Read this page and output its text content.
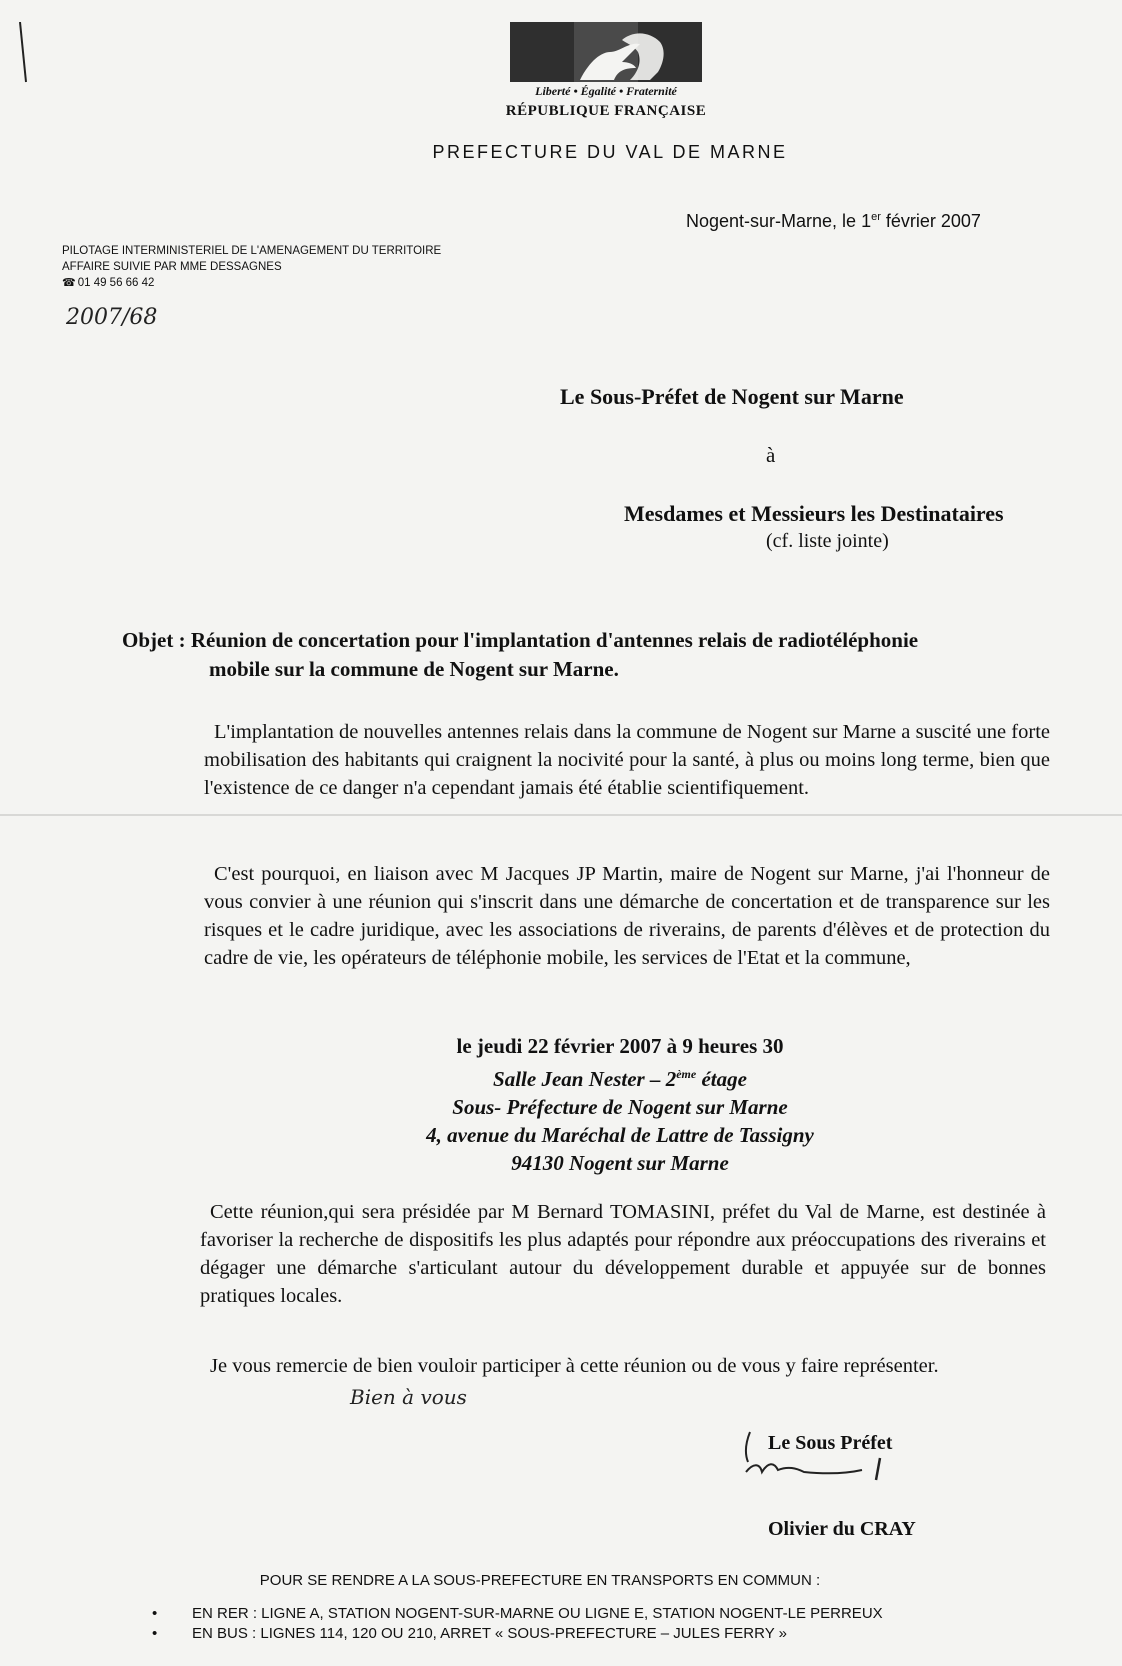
Liberté • Égalité • Fraternité
RÉPUBLIQUE FRANÇAISE
PREFECTURE DU VAL DE MARNE
Nogent-sur-Marne, le 1er février 2007
PILOTAGE INTERMINISTERIEL DE L'AMENAGEMENT DU TERRITOIRE
AFFAIRE SUIVIE PAR MME DESSAGNES
☎ 01 49 56 66 42
2007/68
Le Sous-Préfet de Nogent sur Marne
à
Mesdames et Messieurs les Destinataires
(cf. liste jointe)
Objet : Réunion de concertation pour l'implantation d'antennes relais de radiotéléphonie
mobile sur la commune de Nogent sur Marne.
L'implantation de nouvelles antennes relais dans la commune de Nogent sur Marne a suscité une forte mobilisation des habitants qui craignent la nocivité pour la santé, à plus ou moins long terme, bien que l'existence de ce danger n'a cependant jamais été établie scientifiquement.
C'est pourquoi, en liaison avec M Jacques JP Martin, maire de Nogent sur Marne, j'ai l'honneur de vous convier à une réunion qui s'inscrit dans une démarche de concertation et de transparence sur les risques et le cadre juridique, avec les associations de riverains, de parents d'élèves et de protection du cadre de vie, les opérateurs de téléphonie mobile, les services de l'Etat et la commune,
le jeudi 22 février 2007 à 9 heures 30
Salle Jean Nester – 2ème étage
Sous- Préfecture de Nogent sur Marne
4, avenue du Maréchal de Lattre de Tassigny
94130 Nogent sur Marne
Cette réunion,qui sera présidée par M Bernard TOMASINI, préfet du Val de Marne, est destinée à favoriser la recherche de dispositifs les plus adaptés pour répondre aux préoccupations des riverains et dégager une démarche s'articulant autour du développement durable et appuyée sur de bonnes pratiques locales.
Je vous remercie de bien vouloir participer à cette réunion ou de vous y faire représenter.
Bien à vous
Le Sous Préfet
Olivier du CRAY
POUR SE RENDRE A LA SOUS-PREFECTURE EN TRANSPORTS EN COMMUN :
• EN RER : LIGNE A, STATION NOGENT-SUR-MARNE OU LIGNE E, STATION NOGENT-LE PERREUX
• EN BUS : LIGNES 114, 120 OU 210, ARRET « SOUS-PREFECTURE – JULES FERRY »
